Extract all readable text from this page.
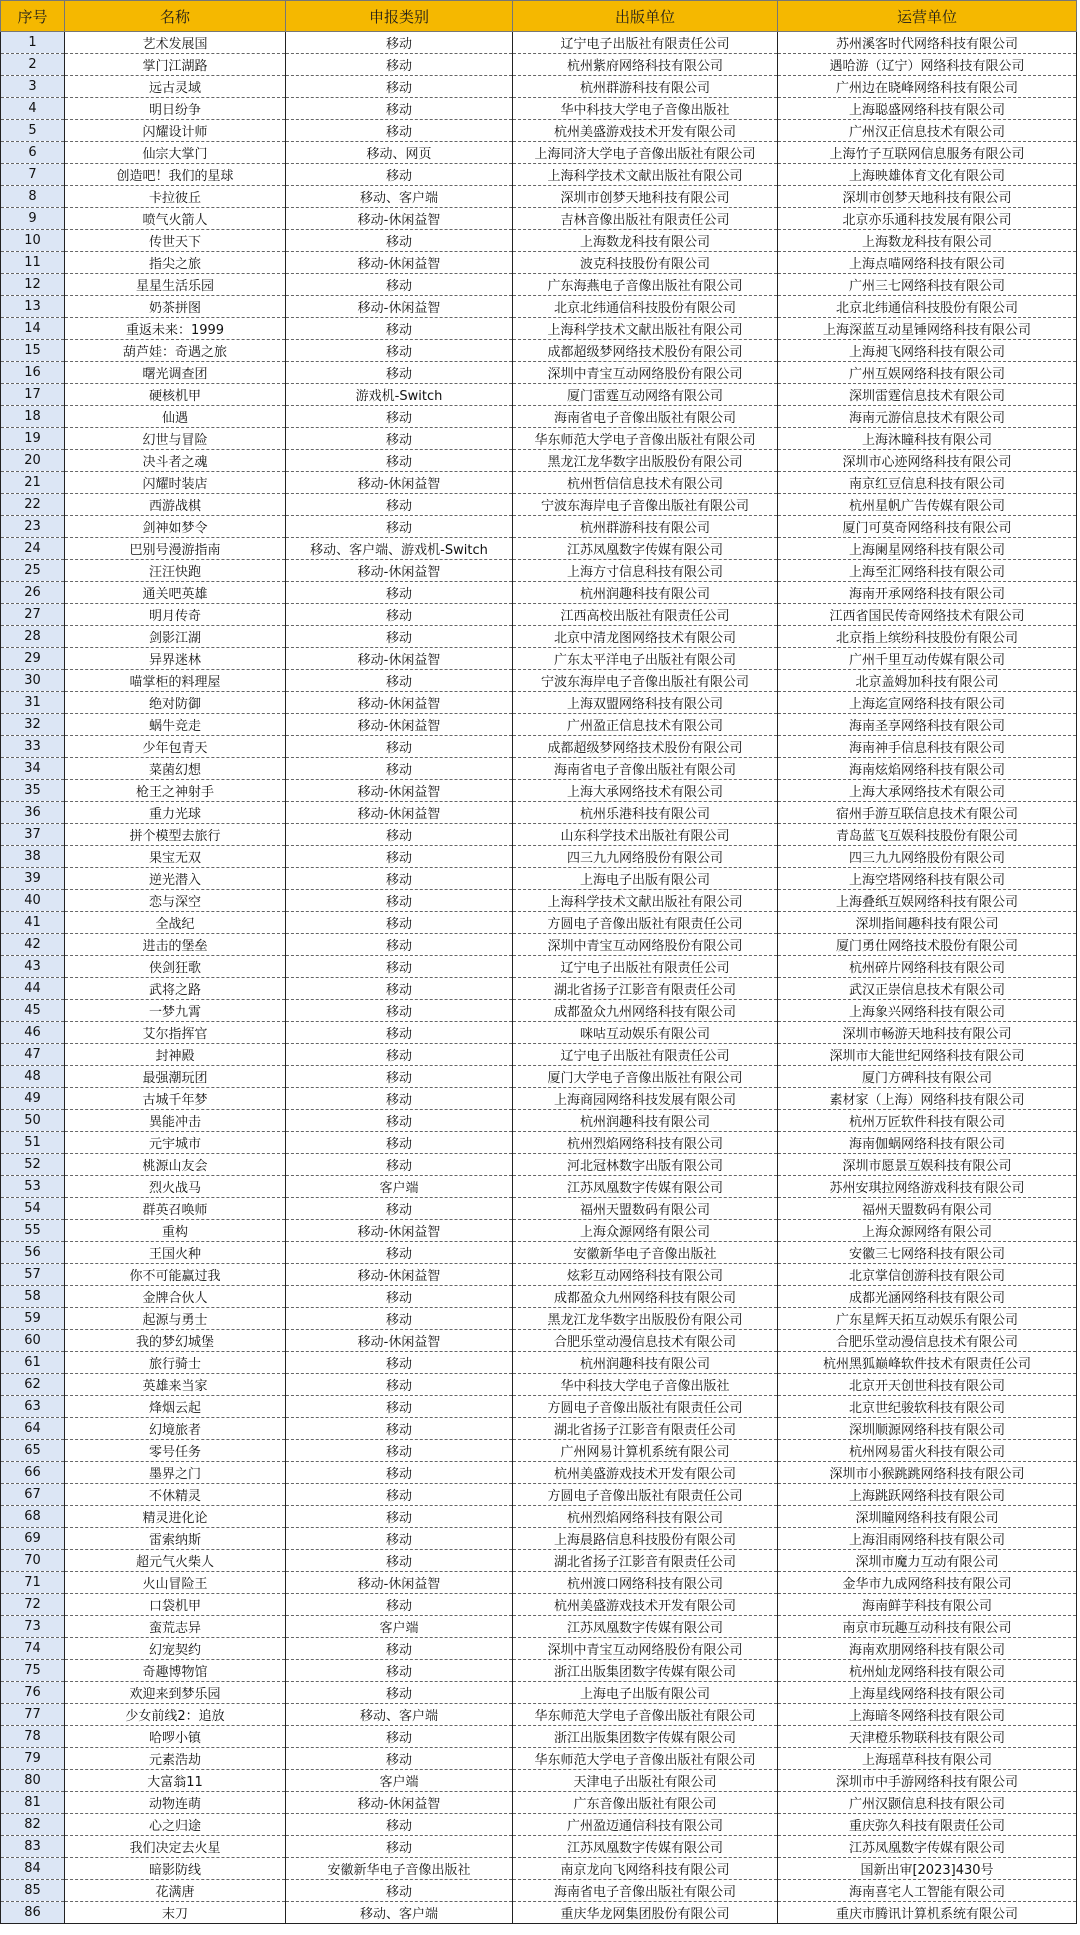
序号	名称	申报类别	出版单位	运营单位
1	艺术发展国	移动	辽宁电子出版社有限责任公司	苏州溪客时代网络科技有限公司
2	掌门江湖路	移动	杭州紫府网络科技有限公司	遇哈游（辽宁）网络科技有限公司
3	远古灵域	移动	杭州群游科技有限公司	广州边在晓峰网络科技有限公司
4	明日纷争	移动	华中科技大学电子音像出版社	上海聪盛网络科技有限公司
5	闪耀设计师	移动	杭州美盛游戏技术开发有限公司	广州汉正信息技术有限公司
6	仙宗大掌门	移动、网页	上海同济大学电子音像出版社有限公司	上海竹子互联网信息服务有限公司
7	创造吧！我们的星球	移动	上海科学技术文献出版社有限公司	上海映雄体育文化有限公司
8	卡拉彼丘	移动、客户端	深圳市创梦天地科技有限公司	深圳市创梦天地科技有限公司
9	喷气火箭人	移动-休闲益智	吉林音像出版社有限责任公司	北京亦乐通科技发展有限公司
10	传世天下	移动	上海数龙科技有限公司	上海数龙科技有限公司
11	指尖之旅	移动-休闲益智	波克科技股份有限公司	上海点喵网络科技有限公司
12	星星生活乐园	移动	广东海燕电子音像出版社有限公司	广州三七网络科技有限公司
13	奶茶拼图	移动-休闲益智	北京北纬通信科技股份有限公司	北京北纬通信科技股份有限公司
14	重返未来：1999	移动	上海科学技术文献出版社有限公司	上海深蓝互动星锤网络科技有限公司
15	葫芦娃：奇遇之旅	移动	成都超级梦网络技术股份有限公司	上海昶飞网络科技有限公司
16	曙光调查团	移动	深圳中青宝互动网络股份有限公司	广州互娱网络科技有限公司
17	硬核机甲	游戏机-Switch	厦门雷霆互动网络有限公司	深圳雷霆信息技术有限公司
18	仙遇	移动	海南省电子音像出版社有限公司	海南元游信息技术有限公司
19	幻世与冒险	移动	华东师范大学电子音像出版社有限公司	上海沐瞳科技有限公司
20	决斗者之魂	移动	黑龙江龙华数字出版股份有限公司	深圳市心迹网络科技有限公司
21	闪耀时装店	移动-休闲益智	杭州哲信信息技术有限公司	南京红豆信息科技有限公司
22	西游战棋	移动	宁波东海岸电子音像出版社有限公司	杭州星帆广告传媒有限公司
23	剑神如梦令	移动	杭州群游科技有限公司	厦门可莫奇网络科技有限公司
24	巴别号漫游指南	移动、客户端、游戏机-Switch	江苏凤凰数字传媒有限公司	上海阑星网络科技有限公司
25	汪汪快跑	移动-休闲益智	上海方寸信息科技有限公司	上海至汇网络科技有限公司
26	通关吧英雄	移动	杭州润趣科技有限公司	海南开承网络科技有限公司
27	明月传奇	移动	江西高校出版社有限责任公司	江西省国民传奇网络技术有限公司
28	剑影江湖	移动	北京中清龙图网络技术有限公司	北京指上缤纷科技股份有限公司
29	异界迷林	移动-休闲益智	广东太平洋电子出版社有限公司	广州千里互动传媒有限公司
30	喵掌柜的料理屋	移动	宁波东海岸电子音像出版社有限公司	北京盖姆加科技有限公司
31	绝对防御	移动-休闲益智	上海双盟网络科技有限公司	上海迄宣网络科技有限公司
32	蜗牛竞走	移动-休闲益智	广州盈正信息技术有限公司	海南圣享网络科技有限公司
33	少年包青天	移动	成都超级梦网络技术股份有限公司	海南神手信息科技有限公司
34	菜菌幻想	移动	海南省电子音像出版社有限公司	海南炫焰网络科技有限公司
35	枪王之神射手	移动-休闲益智	上海大承网络技术有限公司	上海大承网络技术有限公司
36	重力光球	移动-休闲益智	杭州乐港科技有限公司	宿州手游互联信息技术有限公司
37	拼个模型去旅行	移动	山东科学技术出版社有限公司	青岛蓝飞互娱科技股份有限公司
38	果宝无双	移动	四三九九网络股份有限公司	四三九九网络股份有限公司
39	逆光潜入	移动	上海电子出版有限公司	上海空塔网络科技有限公司
40	恋与深空	移动	上海科学技术文献出版社有限公司	上海叠纸互娱网络科技有限公司
41	全战纪	移动	方圆电子音像出版社有限责任公司	深圳指间趣科技有限公司
42	进击的堡垒	移动	深圳中青宝互动网络股份有限公司	厦门勇仕网络技术股份有限公司
43	侠剑狂歌	移动	辽宁电子出版社有限责任公司	杭州碎片网络科技有限公司
44	武将之路	移动	湖北省扬子江影音有限责任公司	武汉正崇信息技术有限公司
45	一梦九霄	移动	成都盈众九州网络科技有限公司	上海象兴网络科技有限公司
46	艾尔指挥官	移动	咪咕互动娱乐有限公司	深圳市畅游天地科技有限公司
47	封神殿	移动	辽宁电子出版社有限责任公司	深圳市大能世纪网络科技有限公司
48	最强潮玩团	移动	厦门大学电子音像出版社有限公司	厦门方碑科技有限公司
49	古城千年梦	移动	上海商园网络科技发展有限公司	素材家（上海）网络科技有限公司
50	異能冲击	移动	杭州润趣科技有限公司	杭州万匠软件科技有限公司
51	元宇城市	移动	杭州烈焰网络科技有限公司	海南伽蜗网络科技有限公司
52	桃源山友会	移动	河北冠林数字出版有限公司	深圳市愿景互娱科技有限公司
53	烈火战马	客户端	江苏凤凰数字传媒有限公司	苏州安琪拉网络游戏科技有限公司
54	群英召唤师	移动	福州天盟数码有限公司	福州天盟数码有限公司
55	重构	移动-休闲益智	上海众源网络有限公司	上海众源网络有限公司
56	王国火种	移动	安徽新华电子音像出版社	安徽三七网络科技有限公司
57	你不可能赢过我	移动-休闲益智	炫彩互动网络科技有限公司	北京掌信创游科技有限公司
58	金牌合伙人	移动	成都盈众九州网络科技有限公司	成都光涵网络科技有限公司
59	起源与勇士	移动	黑龙江龙华数字出版股份有限公司	广东星辉天拓互动娱乐有限公司
60	我的梦幻城堡	移动-休闲益智	合肥乐堂动漫信息技术有限公司	合肥乐堂动漫信息技术有限公司
61	旅行骑士	移动	杭州润趣科技有限公司	杭州黑狐巅峰软件技术有限责任公司
62	英雄来当家	移动	华中科技大学电子音像出版社	北京开天创世科技有限公司
63	烽烟云起	移动	方圆电子音像出版社有限责任公司	北京世纪骏软科技有限公司
64	幻境旅者	移动	湖北省扬子江影音有限责任公司	深圳顺源网络科技有限公司
65	零号任务	移动	广州网易计算机系统有限公司	杭州网易雷火科技有限公司
66	墨界之门	移动	杭州美盛游戏技术开发有限公司	深圳市小猴跳跳网络科技有限公司
67	不休精灵	移动	方圆电子音像出版社有限责任公司	上海跳跃网络科技有限公司
68	精灵进化论	移动	杭州烈焰网络科技有限公司	深圳瞳网络科技有限公司
69	雷索纳斯	移动	上海晨路信息科技股份有限公司	上海泪雨网络科技有限公司
70	超元气火柴人	移动	湖北省扬子江影音有限责任公司	深圳市魔力互动有限公司
71	火山冒险王	移动-休闲益智	杭州渡口网络科技有限公司	金华市九成网络科技有限公司
72	口袋机甲	移动	杭州美盛游戏技术开发有限公司	海南鲜芋科技有限公司
73	蛮荒志异	客户端	江苏凤凰数字传媒有限公司	南京市玩趣互动科技有限公司
74	幻宠契约	移动	深圳中青宝互动网络股份有限公司	海南欢朋网络科技有限公司
75	奇趣博物馆	移动	浙江出版集团数字传媒有限公司	杭州灿龙网络科技有限公司
76	欢迎来到梦乐园	移动	上海电子出版有限公司	上海星线网络科技有限公司
77	少女前线2：追放	移动、客户端	华东师范大学电子音像出版社有限公司	上海暗冬网络科技有限公司
78	哈啰小镇	移动	浙江出版集团数字传媒有限公司	天津橙乐物联科技有限公司
79	元素浩劫	移动	华东师范大学电子音像出版社有限公司	上海瑶草科技有限公司
80	大富翁11	客户端	天津电子出版社有限公司	深圳市中手游网络科技有限公司
81	动物连萌	移动-休闲益智	广东音像出版社有限公司	广州汉颢信息科技有限公司
82	心之归途	移动	广州盈迈通信科技有限公司	重庆弥久科技有限责任公司
83	我们决定去火星	移动	江苏凤凰数字传媒有限公司	江苏凤凰数字传媒有限公司
84	暗影防线	安徽新华电子音像出版社	南京龙向飞网络科技有限公司	国新出审[2023]430号
85	花满唐	移动	海南省电子音像出版社有限公司	海南喜宅人工智能有限公司
86	末刀	移动、客户端	重庆华龙网集团股份有限公司	重庆市腾讯计算机系统有限公司
